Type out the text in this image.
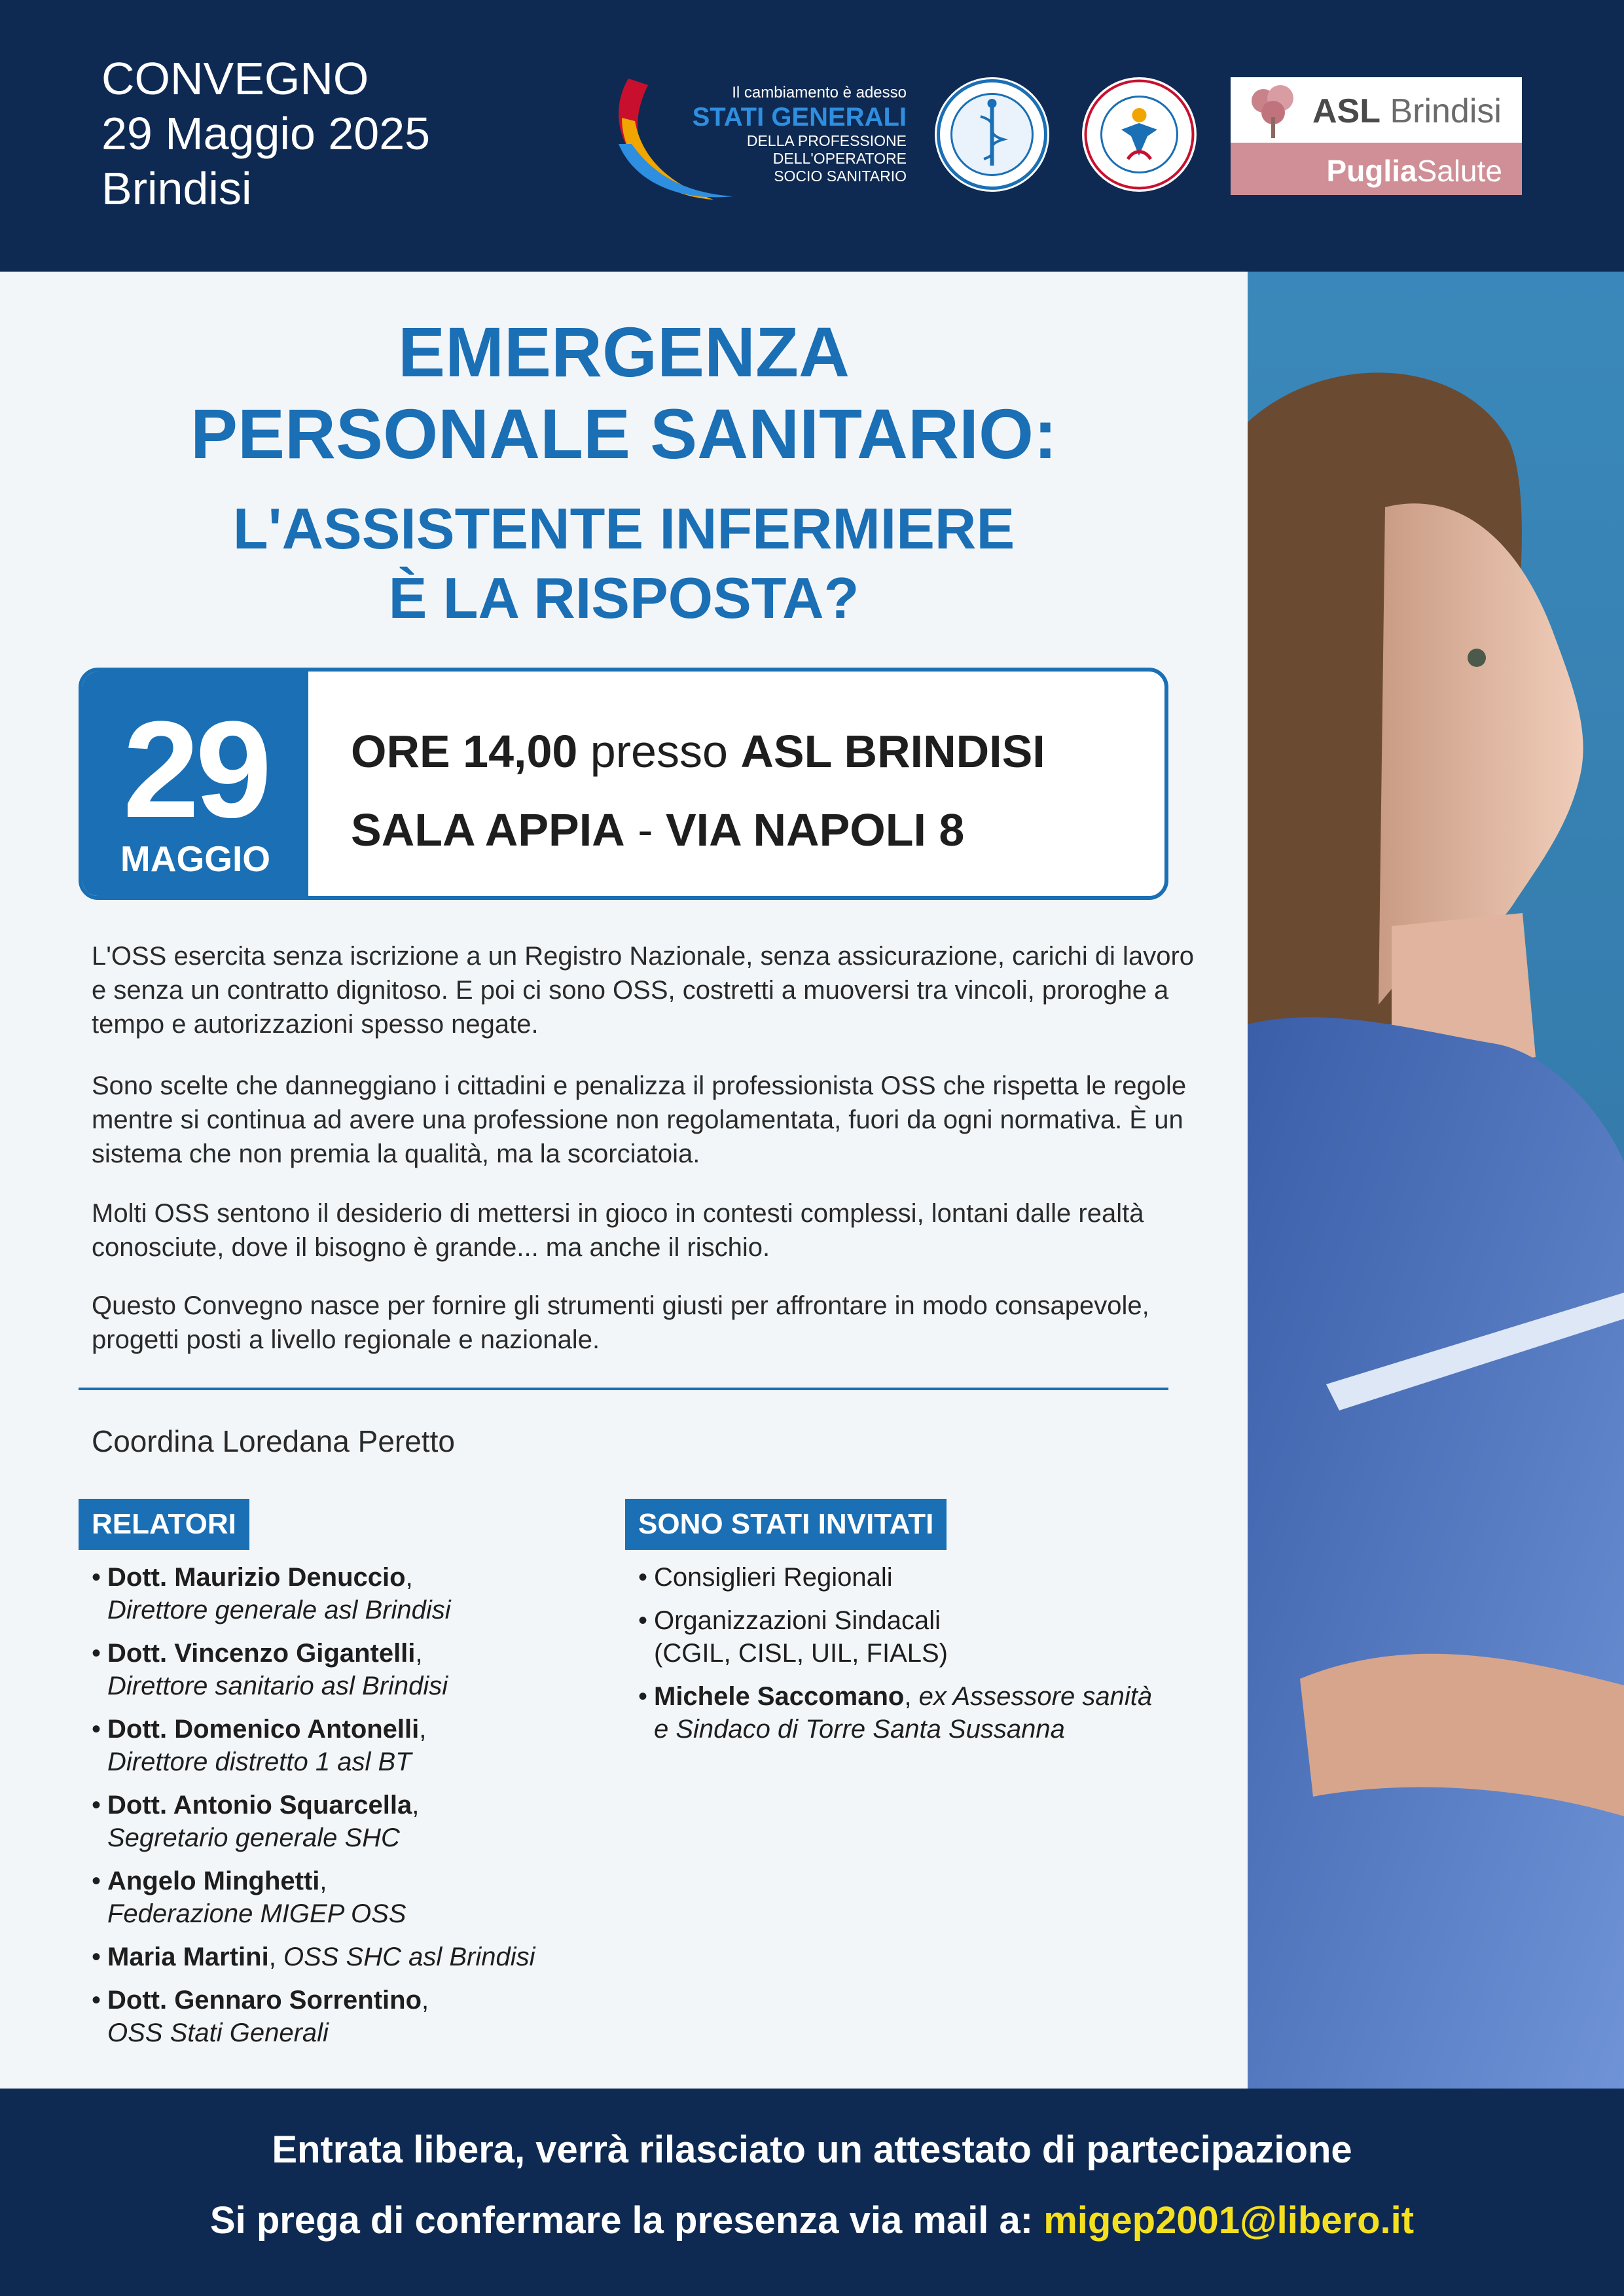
CONVEGNO
29 Maggio 2025
Brindisi
Il cambiamento è adesso
STATI GENERALI
DELLA PROFESSIONE
DELL'OPERATORE
SOCIO SANITARIO
ASL Brindisi
PugliaSalute
EMERGENZA
PERSONALE SANITARIO:
L'ASSISTENTE INFERMIERE
È LA RISPOSTA?
29
MAGGIO
ORE 14,00 presso ASL BRINDISI
SALA APPIA - VIA NAPOLI 8

L'OSS esercita senza iscrizione a un Registro Nazionale, senza assicurazione, carichi di lavoro e senza un contratto dignitoso. E poi ci sono OSS, costretti a muoversi tra vincoli, proroghe a tempo e autorizzazioni spesso negate.

Sono scelte che danneggiano i cittadini e penalizza il professionista OSS che rispetta le regole mentre si continua ad avere una professione non regolamentata, fuori da ogni normativa. È un sistema che non premia la qualità, ma la scorciatoia.

Molti OSS sentono il desiderio di mettersi in gioco in contesti complessi, lontani dalle realtà conosciute, dove il bisogno è grande... ma anche il rischio.

Questo Convegno nasce per fornire gli strumenti giusti per affrontare in modo consapevole, progetti posti a livello regionale e nazionale.

Coordina Loredana Peretto
RELATORI
• Dott. Maurizio Denuccio,
Direttore generale asl Brindisi
• Dott. Vincenzo Gigantelli,
Direttore sanitario asl Brindisi
• Dott. Domenico Antonelli,
Direttore distretto 1 asl BT
• Dott. Antonio Squarcella,
Segretario generale SHC
• Angelo Minghetti,
Federazione MIGEP OSS
• Maria Martini, OSS SHC asl Brindisi
• Dott. Gennaro Sorrentino,
OSS Stati Generali
SONO STATI INVITATI
• Consiglieri Regionali
• Organizzazioni Sindacali
(CGIL, CISL, UIL, FIALS)
• Michele Saccomano, ex Assessore sanità
e Sindaco di Torre Santa Sussanna
Entrata libera, verrà rilasciato un attestato di partecipazione
Si prega di confermare la presenza via mail a: migep2001@libero.it
